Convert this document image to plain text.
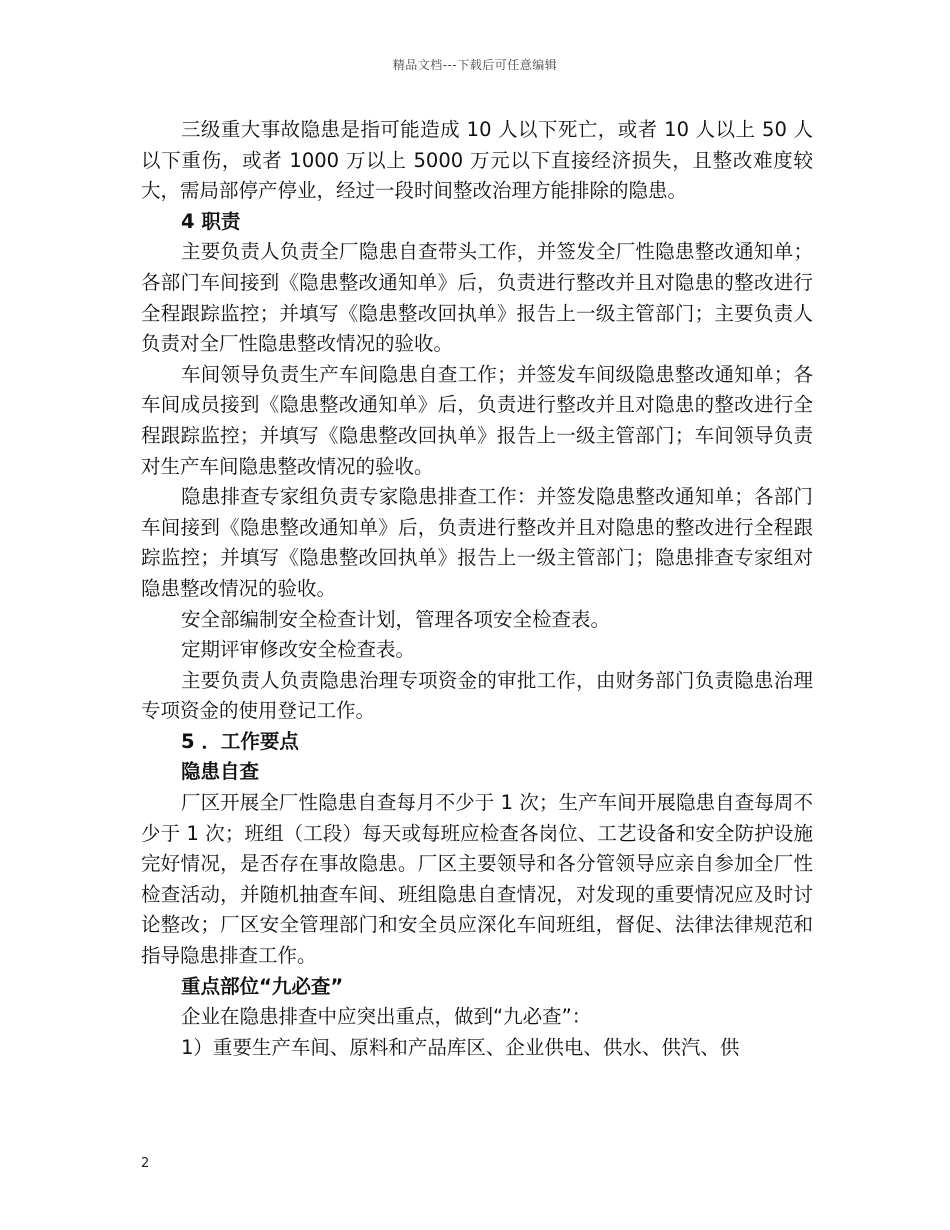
精品文档---下载后可任意编辑

三级重大事故隐患是指可能造成 10 人以下死亡，或者 10 人以上 50 人以下重伤，或者 1000 万以上 5000 万元以下直接经济损失，且整改难度较大，需局部停产停业，经过一段时间整改治理方能排除的隐患。

4 职责

主要负责人负责全厂隐患自查带头工作，并签发全厂性隐患整改通知单；各部门车间接到《隐患整改通知单》后，负责进行整改并且对隐患的整改进行全程跟踪监控；并填写《隐患整改回执单》报告上一级主管部门；主要负责人负责对全厂性隐患整改情况的验收。

车间领导负责生产车间隐患自查工作；并签发车间级隐患整改通知单；各车间成员接到《隐患整改通知单》后，负责进行整改并且对隐患的整改进行全程跟踪监控；并填写《隐患整改回执单》报告上一级主管部门；车间领导负责对生产车间隐患整改情况的验收。

隐患排查专家组负责专家隐患排查工作：并签发隐患整改通知单；各部门车间接到《隐患整改通知单》后，负责进行整改并且对隐患的整改进行全程跟踪监控；并填写《隐患整改回执单》报告上一级主管部门；隐患排查专家组对隐患整改情况的验收。

安全部编制安全检查计划，管理各项安全检查表。

定期评审修改安全检查表。

主要负责人负责隐患治理专项资金的审批工作，由财务部门负责隐患治理专项资金的使用登记工作。

5 ．工作要点

隐患自查

厂区开展全厂性隐患自查每月不少于 1 次；生产车间开展隐患自查每周不少于 1 次；班组（工段）每天或每班应检查各岗位、工艺设备和安全防护设施完好情况，是否存在事故隐患。厂区主要领导和各分管领导应亲自参加全厂性检查活动，并随机抽查车间、班组隐患自查情况，对发现的重要情况应及时讨论整改；厂区安全管理部门和安全员应深化车间班组，督促、法律法律规范和指导隐患排查工作。

重点部位“九必查”

企业在隐患排查中应突出重点，做到“九必查”：

1）重要生产车间、原料和产品库区、企业供电、供水、供汽、供

2
